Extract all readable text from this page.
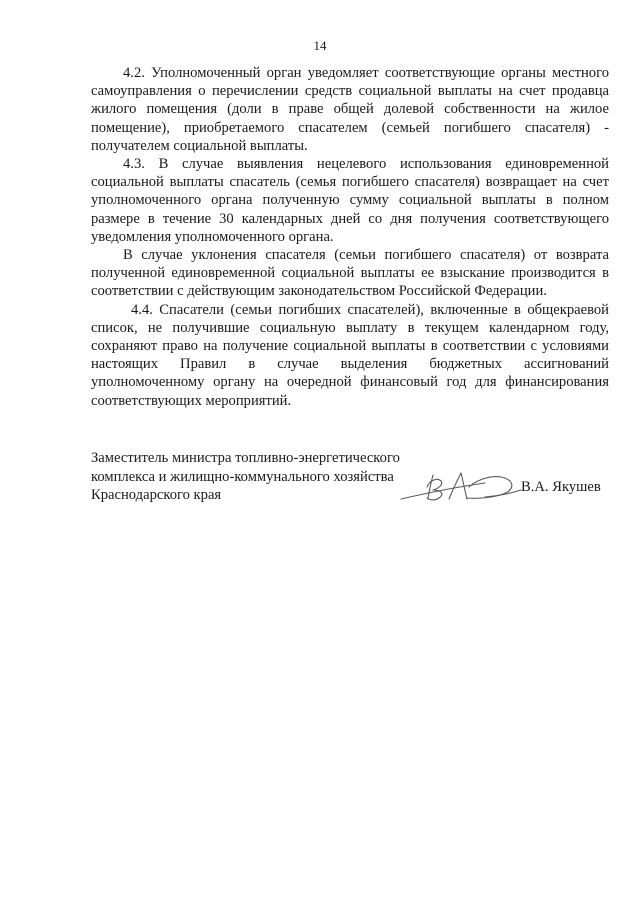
14

4.2. Уполномоченный орган уведомляет соответствующие органы местного самоуправления о перечислении средств социальной выплаты на счет продавца жилого помещения (доли в праве общей долевой собственности на жилое помещение), приобретаемого спасателем (семьей погибшего спасателя) - получателем социальной выплаты.

4.3. В случае выявления нецелевого использования единовременной социальной выплаты спасатель (семья погибшего спасателя) возвращает на счет уполномоченного органа полученную сумму социальной выплаты в полном размере в течение 30 календарных дней со дня получения соответствующего уведомления уполномоченного органа.

В случае уклонения спасателя (семьи погибшего спасателя) от возврата полученной единовременной социальной выплаты ее взыскание производится в соответствии с действующим законодательством Российской Федерации.

4.4. Спасатели (семьи погибших спасателей), включенные в общекраевой список, не получившие социальную выплату в текущем календарном году, сохраняют право на получение социальной выплаты в соответствии с условиями настоящих Правил в случае выделения бюджетных ассигнований уполномоченному органу на очередной финансовый год для финансирования соответствующих мероприятий.

Заместитель министра топливно-энергетического
комплекса и жилищно-коммунального хозяйства
Краснодарского края
В.А. Якушев
